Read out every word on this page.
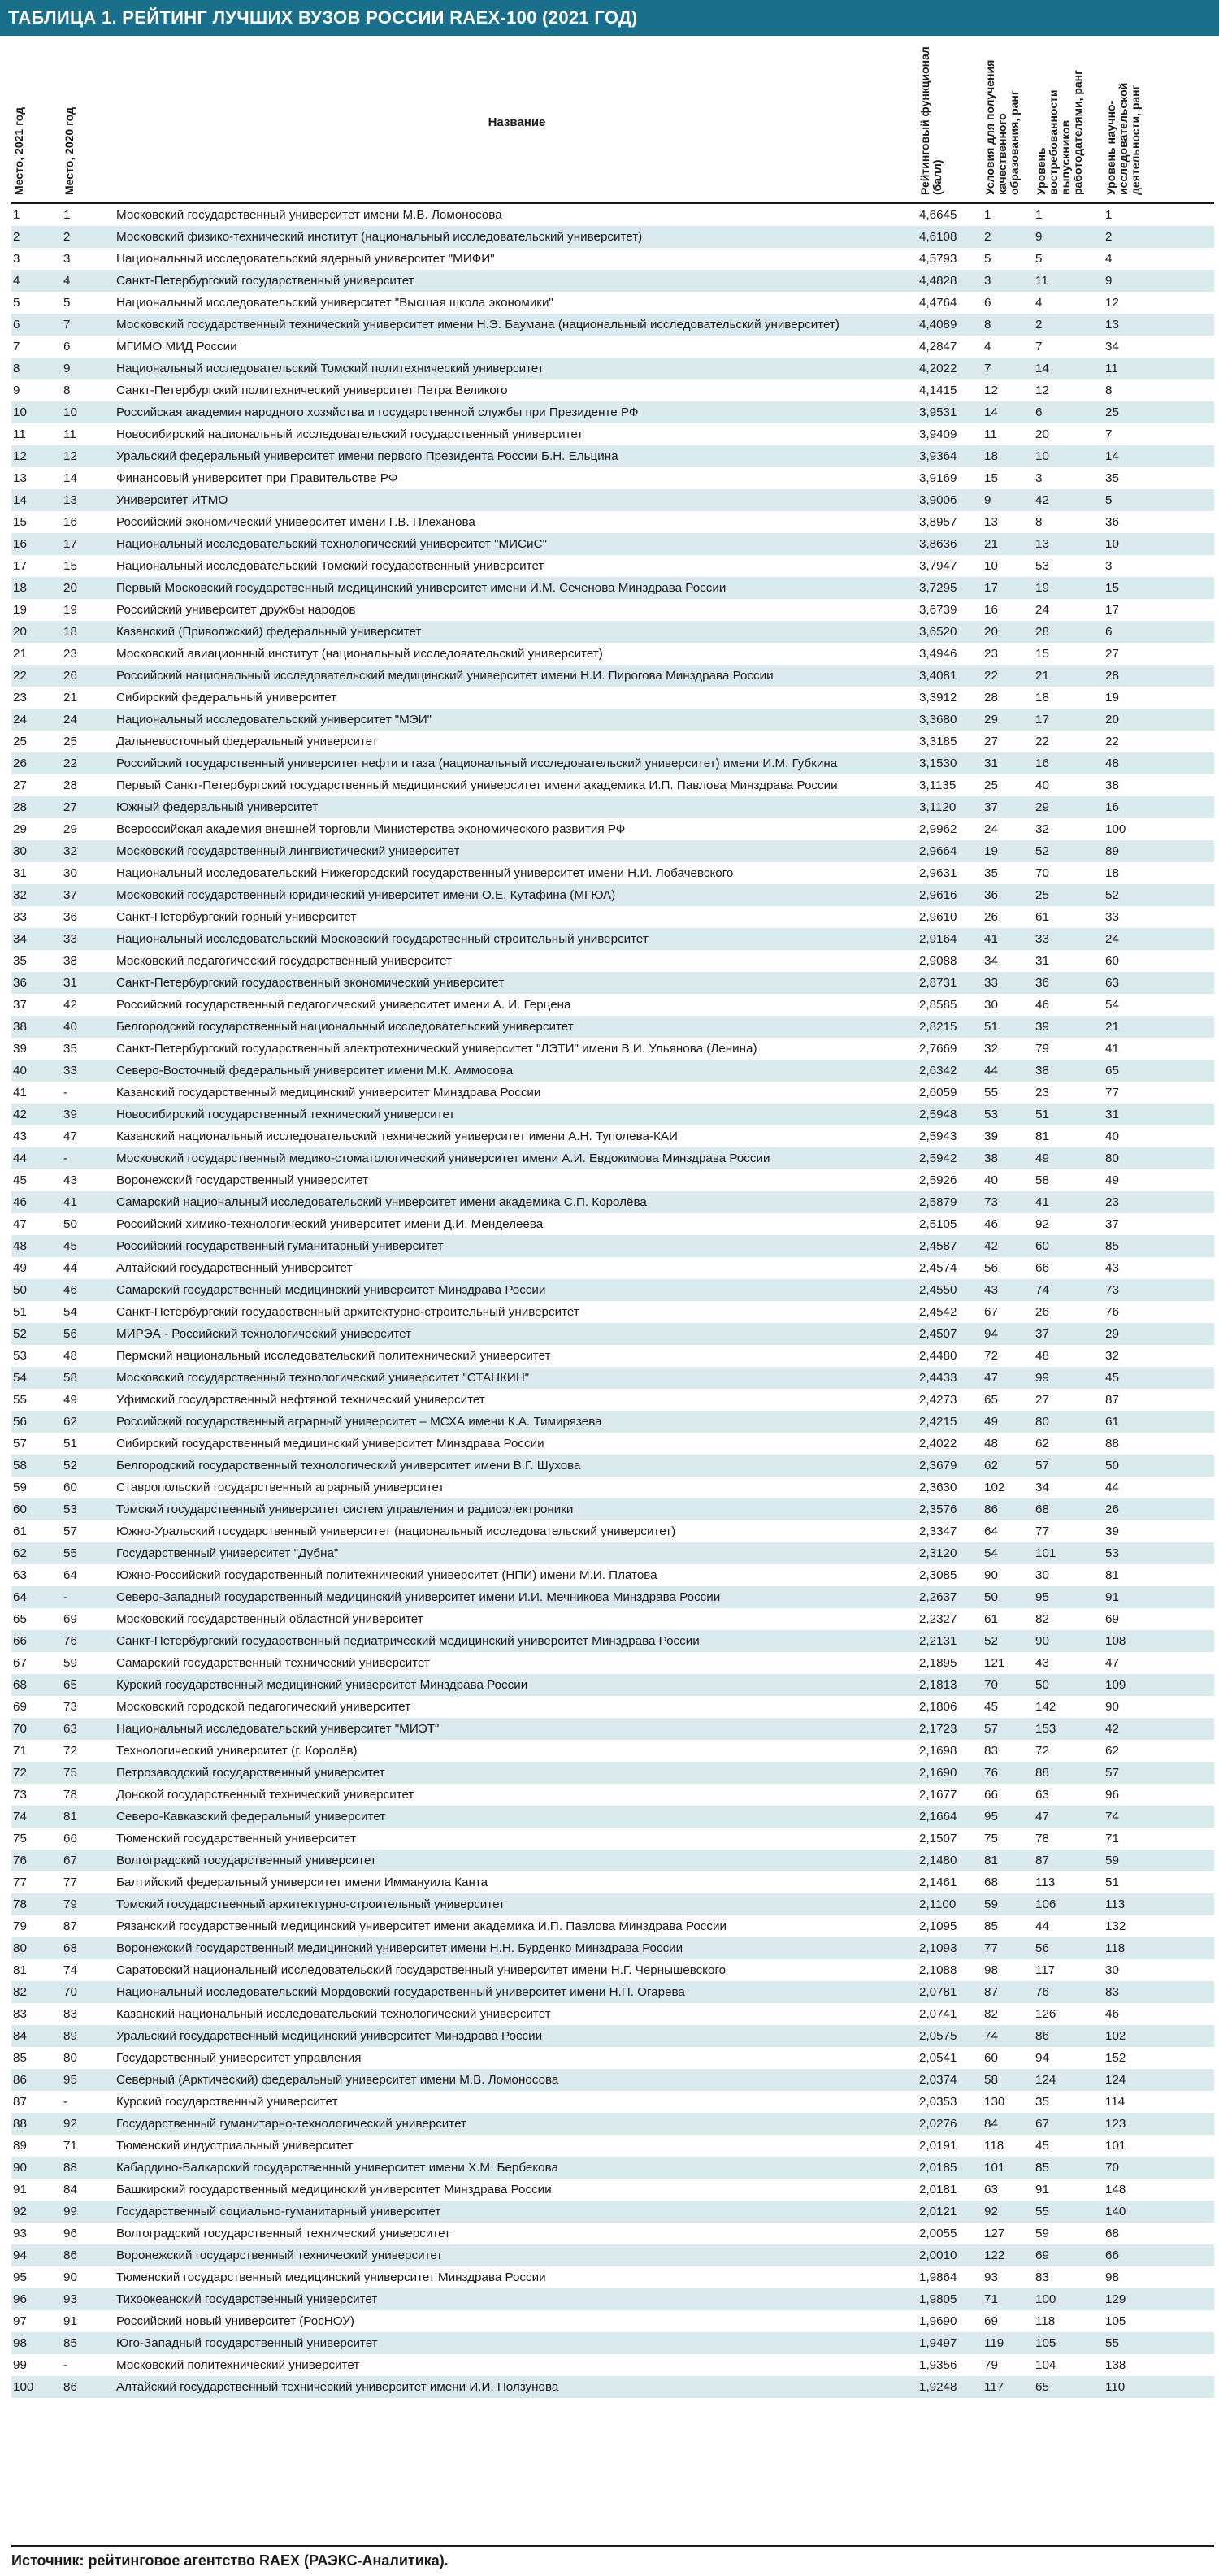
ТАБЛИЦА 1. РЕЙТИНГ ЛУЧШИХ ВУЗОВ РОССИИ RAEX-100 (2021 ГОД)
Место, 2021 год	Место, 2020 год	Название	Рейтинговый функционал (балл)	Условия для получения качественного образования, ранг	Уровень востребованности выпускников работодателями, ранг	Уровень научно-исследовательской деятельности, ранг
1	1	Московский государственный университет имени М.В. Ломоносова	4,6645	1	1	1
2	2	Московский физико-технический институт (национальный исследовательский университет)	4,6108	2	9	2
3	3	Национальный исследовательский ядерный университет "МИФИ"	4,5793	5	5	4
4	4	Санкт-Петербургский государственный университет	4,4828	3	11	9
5	5	Национальный исследовательский университет "Высшая школа экономики"	4,4764	6	4	12
6	7	Московский государственный технический университет имени Н.Э. Баумана (национальный исследовательский университет)	4,4089	8	2	13
7	6	МГИМО МИД России	4,2847	4	7	34
8	9	Национальный исследовательский Томский политехнический университет	4,2022	7	14	11
9	8	Санкт-Петербургский политехнический университет Петра Великого	4,1415	12	12	8
10	10	Российская академия народного хозяйства и государственной службы при Президенте РФ	3,9531	14	6	25
11	11	Новосибирский национальный исследовательский государственный университет	3,9409	11	20	7
12	12	Уральский федеральный университет имени первого Президента России Б.Н. Ельцина	3,9364	18	10	14
13	14	Финансовый университет при Правительстве РФ	3,9169	15	3	35
14	13	Университет ИТМО	3,9006	9	42	5
15	16	Российский экономический университет имени Г.В. Плеханова	3,8957	13	8	36
16	17	Национальный исследовательский технологический университет "МИСиС"	3,8636	21	13	10
17	15	Национальный исследовательский Томский государственный университет	3,7947	10	53	3
18	20	Первый Московский государственный медицинский университет имени И.М. Сеченова Минздрава России	3,7295	17	19	15
19	19	Российский университет дружбы народов	3,6739	16	24	17
20	18	Казанский (Приволжский) федеральный университет	3,6520	20	28	6
21	23	Московский авиационный институт (национальный исследовательский университет)	3,4946	23	15	27
22	26	Российский национальный исследовательский медицинский университет имени Н.И. Пирогова Минздрава России	3,4081	22	21	28
23	21	Сибирский федеральный университет	3,3912	28	18	19
24	24	Национальный исследовательский университет "МЭИ"	3,3680	29	17	20
25	25	Дальневосточный федеральный университет	3,3185	27	22	22
26	22	Российский государственный университет нефти и газа (национальный исследовательский университет) имени И.М. Губкина	3,1530	31	16	48
27	28	Первый Санкт-Петербургский государственный медицинский университет имени академика И.П. Павлова Минздрава России	3,1135	25	40	38
28	27	Южный федеральный университет	3,1120	37	29	16
29	29	Всероссийская академия внешней торговли Министерства экономического развития РФ	2,9962	24	32	100
30	32	Московский государственный лингвистический университет	2,9664	19	52	89
31	30	Национальный исследовательский Нижегородский государственный университет имени Н.И. Лобачевского	2,9631	35	70	18
32	37	Московский государственный юридический университет имени О.Е. Кутафина (МГЮА)	2,9616	36	25	52
33	36	Санкт-Петербургский горный университет	2,9610	26	61	33
34	33	Национальный исследовательский Московский государственный строительный университет	2,9164	41	33	24
35	38	Московский педагогический государственный университет	2,9088	34	31	60
36	31	Санкт-Петербургский государственный экономический университет	2,8731	33	36	63
37	42	Российский государственный педагогический университет имени А. И. Герцена	2,8585	30	46	54
38	40	Белгородский государственный национальный исследовательский университет	2,8215	51	39	21
39	35	Санкт-Петербургский государственный электротехнический университет "ЛЭТИ" имени В.И. Ульянова (Ленина)	2,7669	32	79	41
40	33	Северо-Восточный федеральный университет имени М.К. Аммосова	2,6342	44	38	65
41	-	Казанский государственный медицинский университет Минздрава России	2,6059	55	23	77
42	39	Новосибирский государственный технический университет	2,5948	53	51	31
43	47	Казанский национальный исследовательский технический университет имени А.Н. Туполева-КАИ	2,5943	39	81	40
44	-	Московский государственный медико-стоматологический университет имени А.И. Евдокимова Минздрава России	2,5942	38	49	80
45	43	Воронежский государственный университет	2,5926	40	58	49
46	41	Самарский национальный исследовательский университет имени академика С.П. Королёва	2,5879	73	41	23
47	50	Российский химико-технологический университет имени Д.И. Менделеева	2,5105	46	92	37
48	45	Российский государственный гуманитарный университет	2,4587	42	60	85
49	44	Алтайский государственный университет	2,4574	56	66	43
50	46	Самарский государственный медицинский университет Минздрава России	2,4550	43	74	73
51	54	Санкт-Петербургский государственный архитектурно-строительный университет	2,4542	67	26	76
52	56	МИРЭА - Российский технологический университет	2,4507	94	37	29
53	48	Пермский национальный исследовательский политехнический университет	2,4480	72	48	32
54	58	Московский государственный технологический университет "СТАНКИН"	2,4433	47	99	45
55	49	Уфимский государственный нефтяной технический университет	2,4273	65	27	87
56	62	Российский государственный аграрный университет – МСХА имени К.А. Тимирязева	2,4215	49	80	61
57	51	Сибирский государственный медицинский университет Минздрава России	2,4022	48	62	88
58	52	Белгородский государственный технологический университет имени В.Г. Шухова	2,3679	62	57	50
59	60	Ставропольский государственный аграрный университет	2,3630	102	34	44
60	53	Томский государственный университет систем управления и радиоэлектроники	2,3576	86	68	26
61	57	Южно-Уральский государственный университет (национальный исследовательский университет)	2,3347	64	77	39
62	55	Государственный университет "Дубна"	2,3120	54	101	53
63	64	Южно-Российский государственный политехнический университет (НПИ) имени М.И. Платова	2,3085	90	30	81
64	-	Северо-Западный государственный медицинский университет имени И.И. Мечникова Минздрава России	2,2637	50	95	91
65	69	Московский государственный областной университет	2,2327	61	82	69
66	76	Санкт-Петербургский государственный педиатрический медицинский университет Минздрава России	2,2131	52	90	108
67	59	Самарский государственный технический университет	2,1895	121	43	47
68	65	Курский государственный медицинский университет Минздрава России	2,1813	70	50	109
69	73	Московский городской педагогический университет	2,1806	45	142	90
70	63	Национальный исследовательский университет "МИЭТ"	2,1723	57	153	42
71	72	Технологический университет (г. Королёв)	2,1698	83	72	62
72	75	Петрозаводский государственный университет	2,1690	76	88	57
73	78	Донской государственный технический университет	2,1677	66	63	96
74	81	Северо-Кавказский федеральный университет	2,1664	95	47	74
75	66	Тюменский государственный университет	2,1507	75	78	71
76	67	Волгоградский государственный университет	2,1480	81	87	59
77	77	Балтийский федеральный университет имени Иммануила Канта	2,1461	68	113	51
78	79	Томский государственный архитектурно-строительный университет	2,1100	59	106	113
79	87	Рязанский государственный медицинский университет имени академика И.П. Павлова Минздрава России	2,1095	85	44	132
80	68	Воронежский государственный медицинский университет имени Н.Н. Бурденко Минздрава России	2,1093	77	56	118
81	74	Саратовский национальный исследовательский государственный университет имени Н.Г. Чернышевского	2,1088	98	117	30
82	70	Национальный исследовательский Мордовский государственный университет имени Н.П. Огарева	2,0781	87	76	83
83	83	Казанский национальный исследовательский технологический университет	2,0741	82	126	46
84	89	Уральский государственный медицинский университет Минздрава России	2,0575	74	86	102
85	80	Государственный университет управления	2,0541	60	94	152
86	95	Северный (Арктический) федеральный университет имени М.В. Ломоносова	2,0374	58	124	124
87	-	Курский государственный университет	2,0353	130	35	114
88	92	Государственный гуманитарно-технологический университет	2,0276	84	67	123
89	71	Тюменский индустриальный университет	2,0191	118	45	101
90	88	Кабардино-Балкарский государственный университет имени Х.М. Бербекова	2,0185	101	85	70
91	84	Башкирский государственный медицинский университет Минздрава России	2,0181	63	91	148
92	99	Государственный социально-гуманитарный университет	2,0121	92	55	140
93	96	Волгоградский государственный технический университет	2,0055	127	59	68
94	86	Воронежский государственный технический университет	2,0010	122	69	66
95	90	Тюменский государственный медицинский университет Минздрава России	1,9864	93	83	98
96	93	Тихоокеанский государственный университет	1,9805	71	100	129
97	91	Российский новый университет (РосНОУ)	1,9690	69	118	105
98	85	Юго-Западный государственный университет	1,9497	119	105	55
99	-	Московский политехнический университет	1,9356	79	104	138
100	86	Алтайский государственный технический университет имени И.И. Ползунова	1,9248	117	65	110
Источник: рейтинговое агентство RAEX (РАЭКС-Аналитика).
